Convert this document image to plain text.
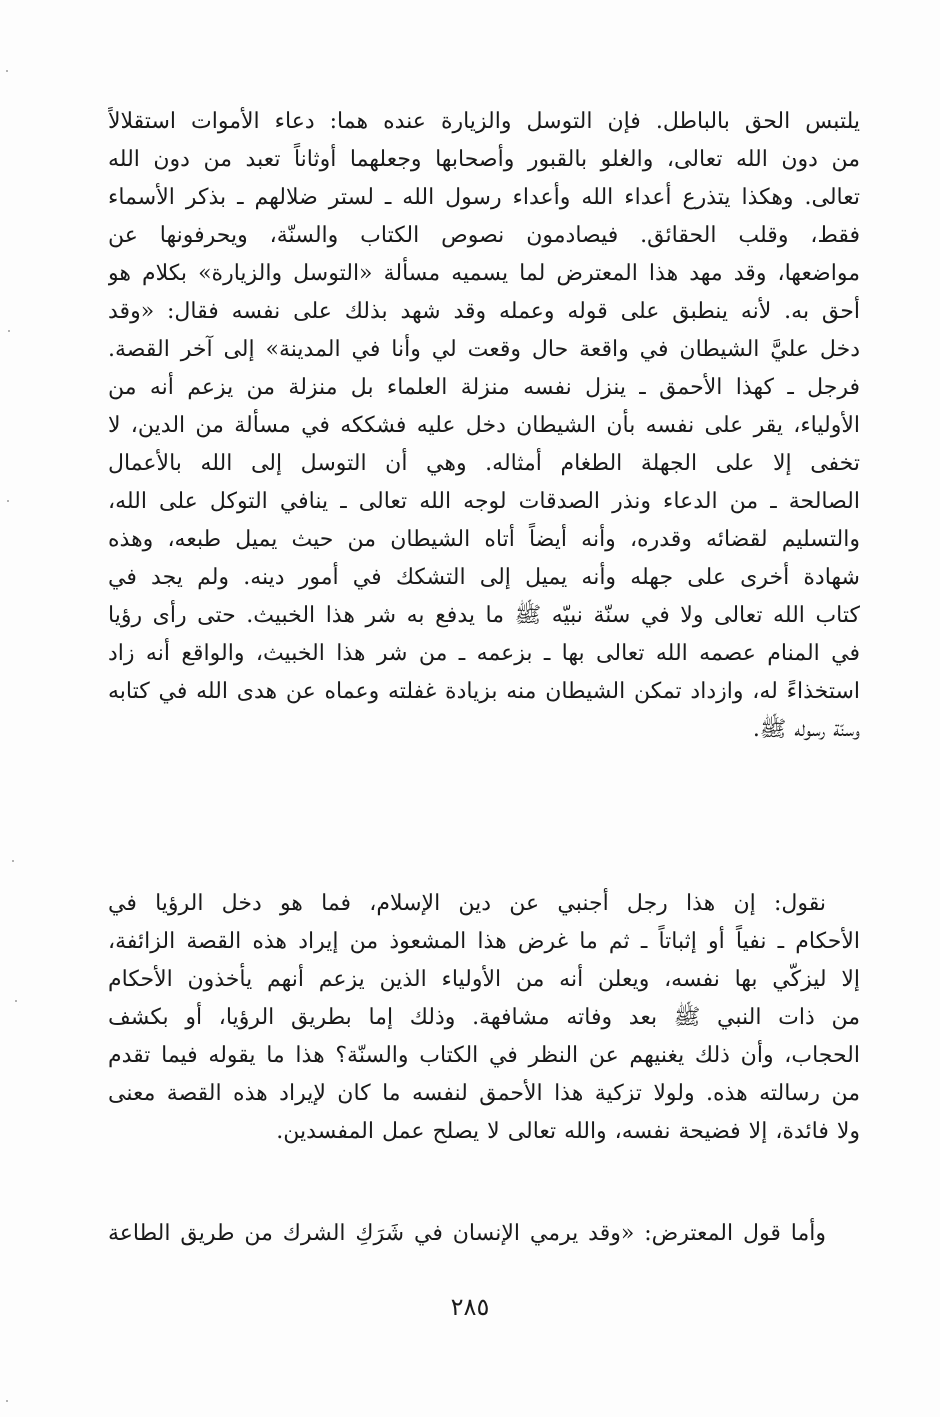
يلتبس الحق بالباطل. فإن التوسل والزيارة عنده هما: دعاء الأموات استقلالاً
من دون الله تعالى، والغلو بالقبور وأصحابها وجعلهما أوثاناً تعبد من دون الله
تعالى. وهكذا يتذرع أعداء الله وأعداء رسول الله ـ لستر ضلالهم ـ بذكر الأسماء
فقط، وقلب الحقائق. فيصادمون نصوص الكتاب والسنّة، ويحرفونها عن
مواضعها، وقد مهد هذا المعترض لما يسميه مسألة «التوسل والزيارة» بكلام هو
أحق به. لأنه ينطبق على قوله وعمله وقد شهد بذلك على نفسه فقال: «وقد
دخل عليَّ الشيطان في واقعة حال وقعت لي وأنا في المدينة» إلى آخر القصة.
فرجل ـ كهذا الأحمق ـ ينزل نفسه منزلة العلماء بل منزلة من يزعم أنه من
الأولياء، يقر على نفسه بأن الشيطان دخل عليه فشككه في مسألة من الدين، لا
تخفى إلا على الجهلة الطغام أمثاله. وهي أن التوسل إلى الله بالأعمال
الصالحة ـ من الدعاء ونذر الصدقات لوجه الله تعالى ـ ينافي التوكل على الله،
والتسليم لقضائه وقدره، وأنه أيضاً أتاه الشيطان من حيث يميل طبعه، وهذه
شهادة أخرى على جهله وأنه يميل إلى التشكك في أمور دينه. ولم يجد في
كتاب الله تعالى ولا في سنّة نبيّه ﷺ ما يدفع به شر هذا الخبيث. حتى رأى رؤيا
في المنام عصمه الله تعالى بها ـ بزعمه ـ من شر هذا الخبيث، والواقع أنه زاد
استخذاءً له، وازداد تمكن الشيطان منه بزيادة غفلته وعماه عن هدى الله في كتابه
وسنّة رسوله ﷺ.
نقول: إن هذا رجل أجنبي عن دين الإسلام، فما هو دخل الرؤيا في
الأحكام ـ نفياً أو إثباتاً ـ ثم ما غرض هذا المشعوذ من إيراد هذه القصة الزائفة،
إلا ليزكّي بها نفسه، ويعلن أنه من الأولياء الذين يزعم أنهم يأخذون الأحكام
من ذات النبي ﷺ بعد وفاته مشافهة. وذلك إما بطريق الرؤيا، أو بكشف
الحجاب، وأن ذلك يغنيهم عن النظر في الكتاب والسنّة؟ هذا ما يقوله فيما تقدم
من رسالته هذه. ولولا تزكية هذا الأحمق لنفسه ما كان لإيراد هذه القصة معنى
ولا فائدة، إلا فضيحة نفسه، والله تعالى لا يصلح عمل المفسدين.
وأما قول المعترض: «وقد يرمي الإنسان في شَرَكِ الشرك من طريق الطاعة
٢٨٥
